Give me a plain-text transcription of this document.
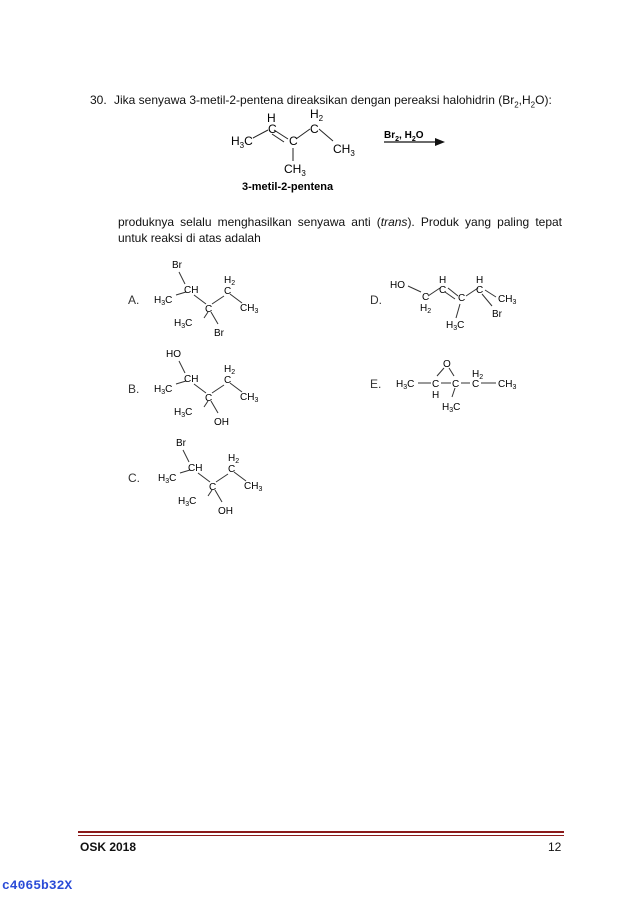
30. Jika senyawa 3-metil-2-pentena direaksikan dengan pereaksi halohidrin $(Br_2,H_2O)$:
H
C
$H_3C$	C
$H_2$
C
$CH_3$
$CH_3$
$Br_2$, $H_2O$
3-metil-2-pentena
produknya selalu menghasilkan senyawa anti (trans). Produk yang paling tepat untuk reaksi di atas adalah
A.
Br
CH
$H_3C$
C
$H_2$
C
$CH_3$
$H_3C$
Br
B.
HO
CH
$H_3C$
C
$H_2$
C
$CH_3$
$H_3C$
OH
C.
Br
CH
$H_3C$
C
$H_2$
C
$CH_3$
$H_3C$
OH
D.
HO
C
$H_2$
H
C
C
H
C
$CH_3$
Br
$H_3C$
E.
O
$H_3C$ C
H
C
$H_2$
C $CH_3$
$H_3C$
OSK 2018	12
c4065b32X
